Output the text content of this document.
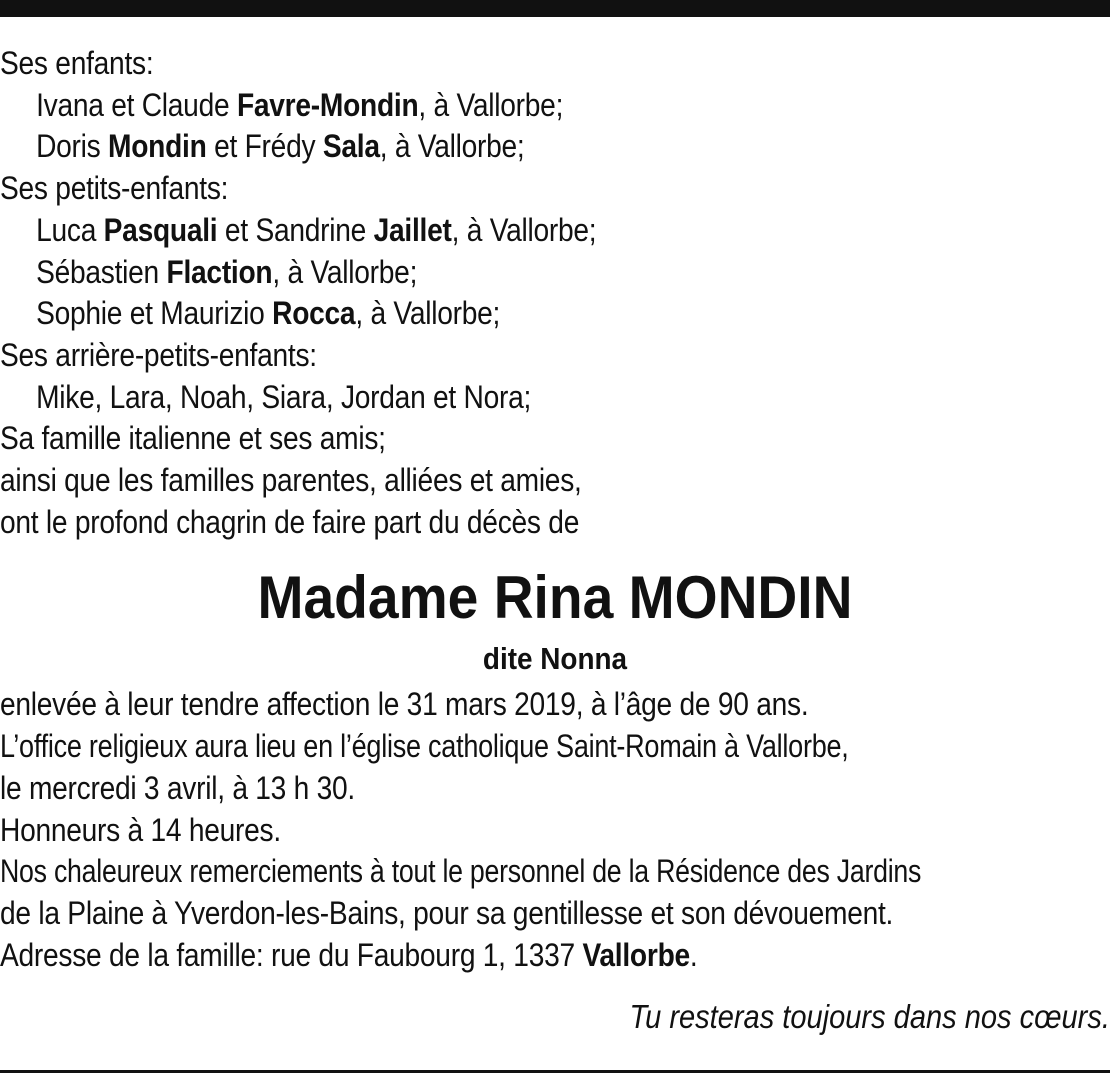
Ses enfants:
Ivana et Claude Favre-Mondin, à Vallorbe;
Doris Mondin et Frédy Sala, à Vallorbe;
Ses petits-enfants:
Luca Pasquali et Sandrine Jaillet, à Vallorbe;
Sébastien Flaction, à Vallorbe;
Sophie et Maurizio Rocca, à Vallorbe;
Ses arrière-petits-enfants:
Mike, Lara, Noah, Siara, Jordan et Nora;
Sa famille italienne et ses amis;
ainsi que les familles parentes, alliées et amies,
ont le profond chagrin de faire part du décès de
Madame Rina MONDIN
dite Nonna
enlevée à leur tendre affection le 31 mars 2019, à l’âge de 90 ans.
L’office religieux aura lieu en l’église catholique Saint-Romain à Vallorbe,
le mercredi 3 avril, à 13 h 30.
Honneurs à 14 heures.
Nos chaleureux remerciements à tout le personnel de la Résidence des Jardins
de la Plaine à Yverdon-les-Bains, pour sa gentillesse et son dévouement.
Adresse de la famille: rue du Faubourg 1, 1337 Vallorbe.
Tu resteras toujours dans nos cœurs.
